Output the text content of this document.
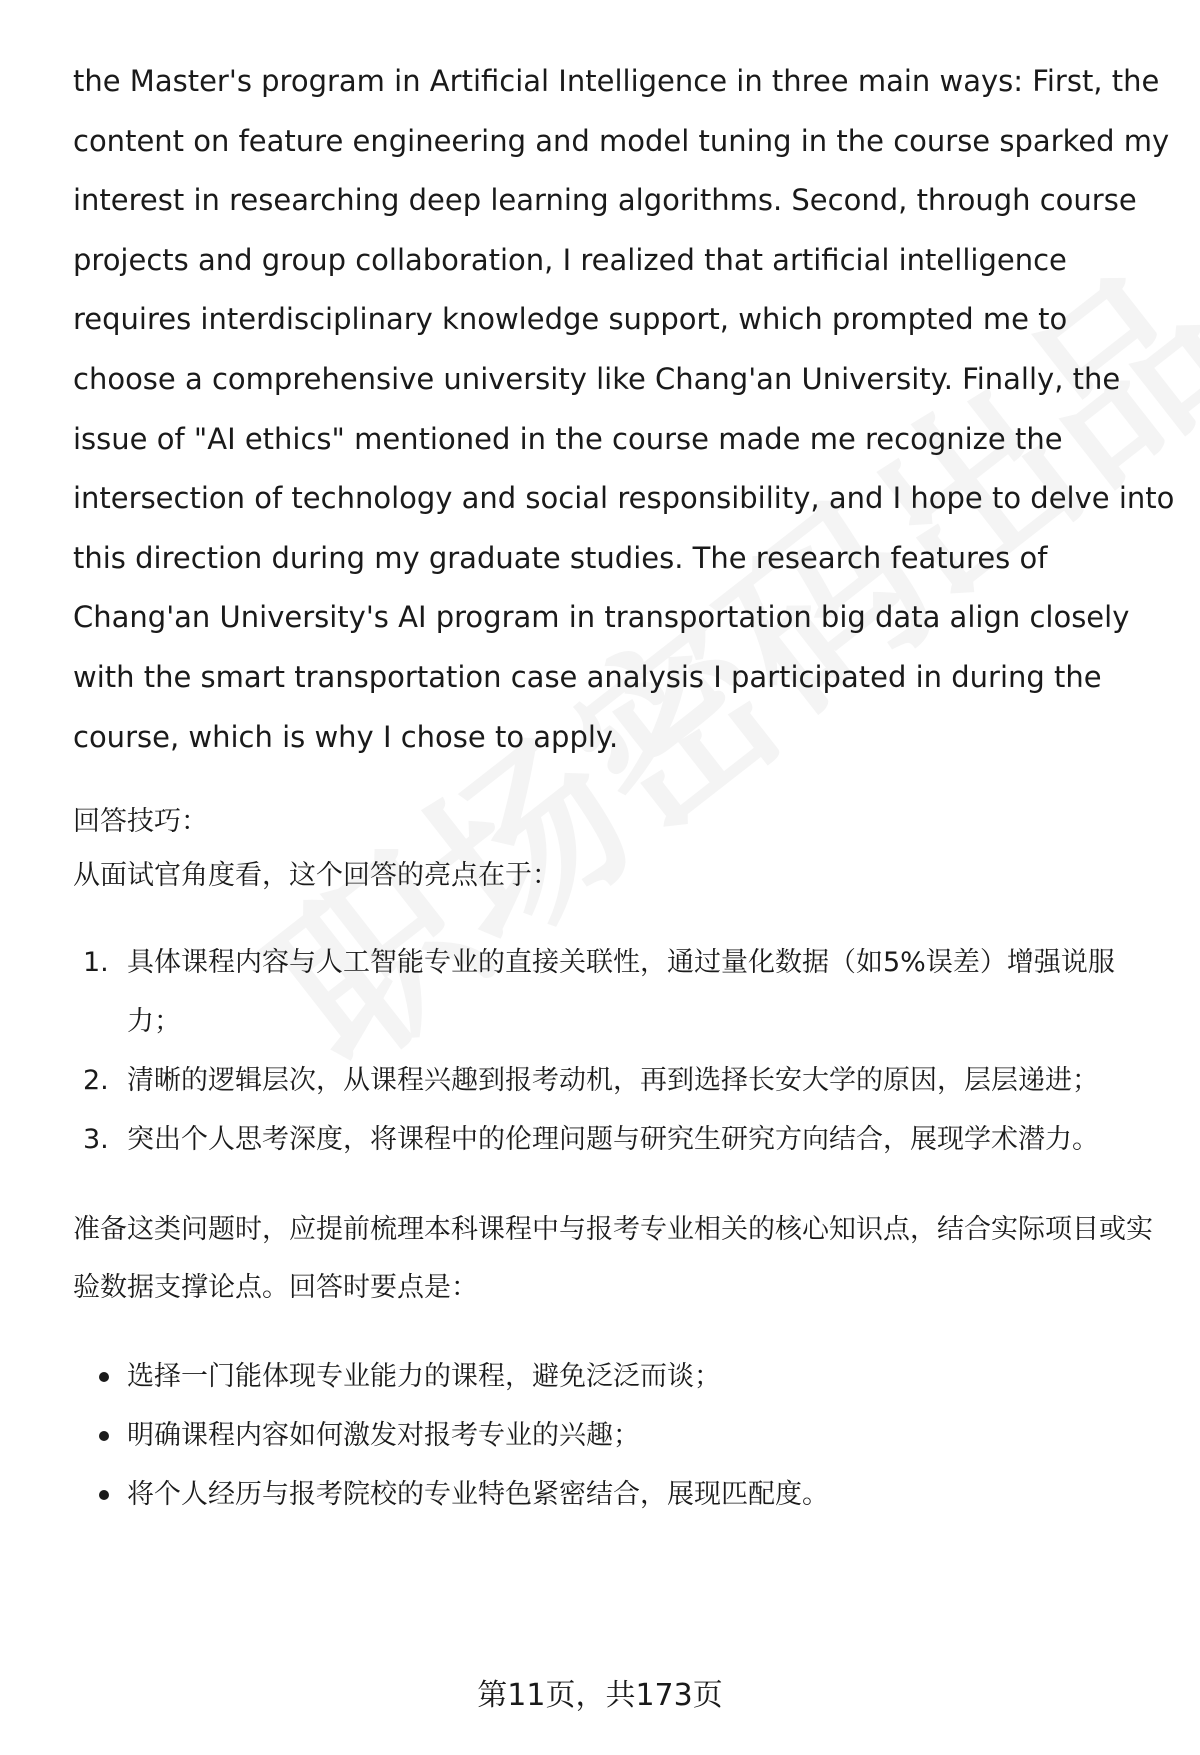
the Master's program in Artificial Intelligence in three main ways: First, the
content on feature engineering and model tuning in the course sparked my
interest in researching deep learning algorithms. Second, through course
projects and group collaboration, I realized that artificial intelligence
requires interdisciplinary knowledge support, which prompted me to
choose a comprehensive university like Chang'an University. Finally, the
issue of "AI ethics" mentioned in the course made me recognize the
intersection of technology and social responsibility, and I hope to delve into
this direction during my graduate studies. The research features of
Chang'an University's AI program in transportation big data align closely
with the smart transportation case analysis I participated in during the
course, which is why I chose to apply.

回答技巧：

从面试官角度看，这个回答的亮点在于：

1. 具体课程内容与人工智能专业的直接关联性，通过量化数据（如5%误差）增强说服力；
2. 清晰的逻辑层次，从课程兴趣到报考动机，再到选择长安大学的原因，层层递进；
3. 突出个人思考深度，将课程中的伦理问题与研究生研究方向结合，展现学术潜力。

准备这类问题时，应提前梳理本科课程中与报考专业相关的核心知识点，结合实际项目或实验数据支撑论点。回答时要点是：

选择一门能体现专业能力的课程，避免泛泛而谈；
明确课程内容如何激发对报考专业的兴趣；
将个人经历与报考院校的专业特色紧密结合，展现匹配度。
第11页，共173页
